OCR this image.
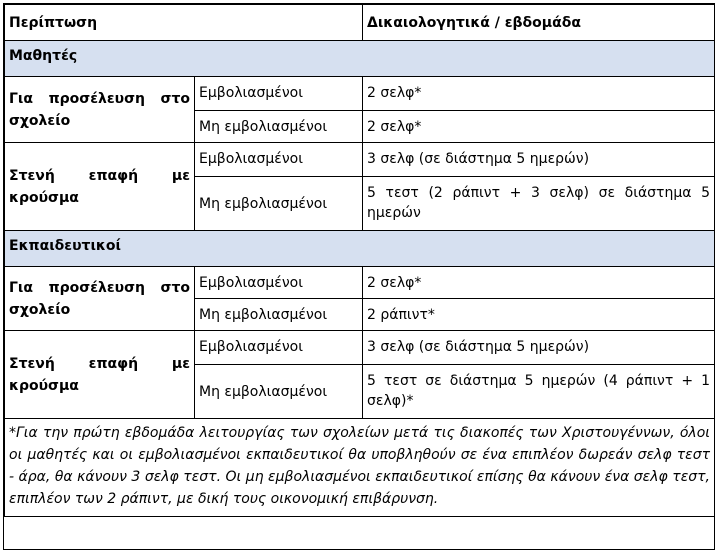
Περίπτωση		Δικαιολογητικά / εβδομάδα
Μαθητές		
Για προσέλευση στο σχολείο	Εμβολιασμένοι	2 σελφ*
	Μη εμβολιασμένοι	2 σελφ*
Στενή επαφή με κρούσμα	Εμβολιασμένοι	3 σελφ (σε διάστημα 5 ημερών)
	Μη εμβολιασμένοι	5 τεστ (2 ράπιντ + 3 σελφ) σε διάστημα 5 ημερών
Εκπαιδευτικοί		
Για προσέλευση στο σχολείο	Εμβολιασμένοι	2 σελφ*
	Μη εμβολιασμένοι	2 ράπιντ*
Στενή επαφή με κρούσμα	Εμβολιασμένοι	3 σελφ (σε διάστημα 5 ημερών)
	Μη εμβολιασμένοι	5 τεστ σε διάστημα 5 ημερών (4 ράπιντ + 1 σελφ)*
*Για την πρώτη εβδομάδα λειτουργίας των σχολείων μετά τις διακοπές των Χριστουγέννων, όλοι οι μαθητές και οι εμβολιασμένοι εκπαιδευτικοί θα υποβληθούν σε ένα επιπλέον δωρεάν σελφ τεστ - άρα, θα κάνουν 3 σελφ τεστ. Οι μη εμβολιασμένοι εκπαιδευτικοί επίσης θα κάνουν ένα σελφ τεστ, επιπλέον των 2 ράπιντ, με δική τους οικονομική επιβάρυνση.		
